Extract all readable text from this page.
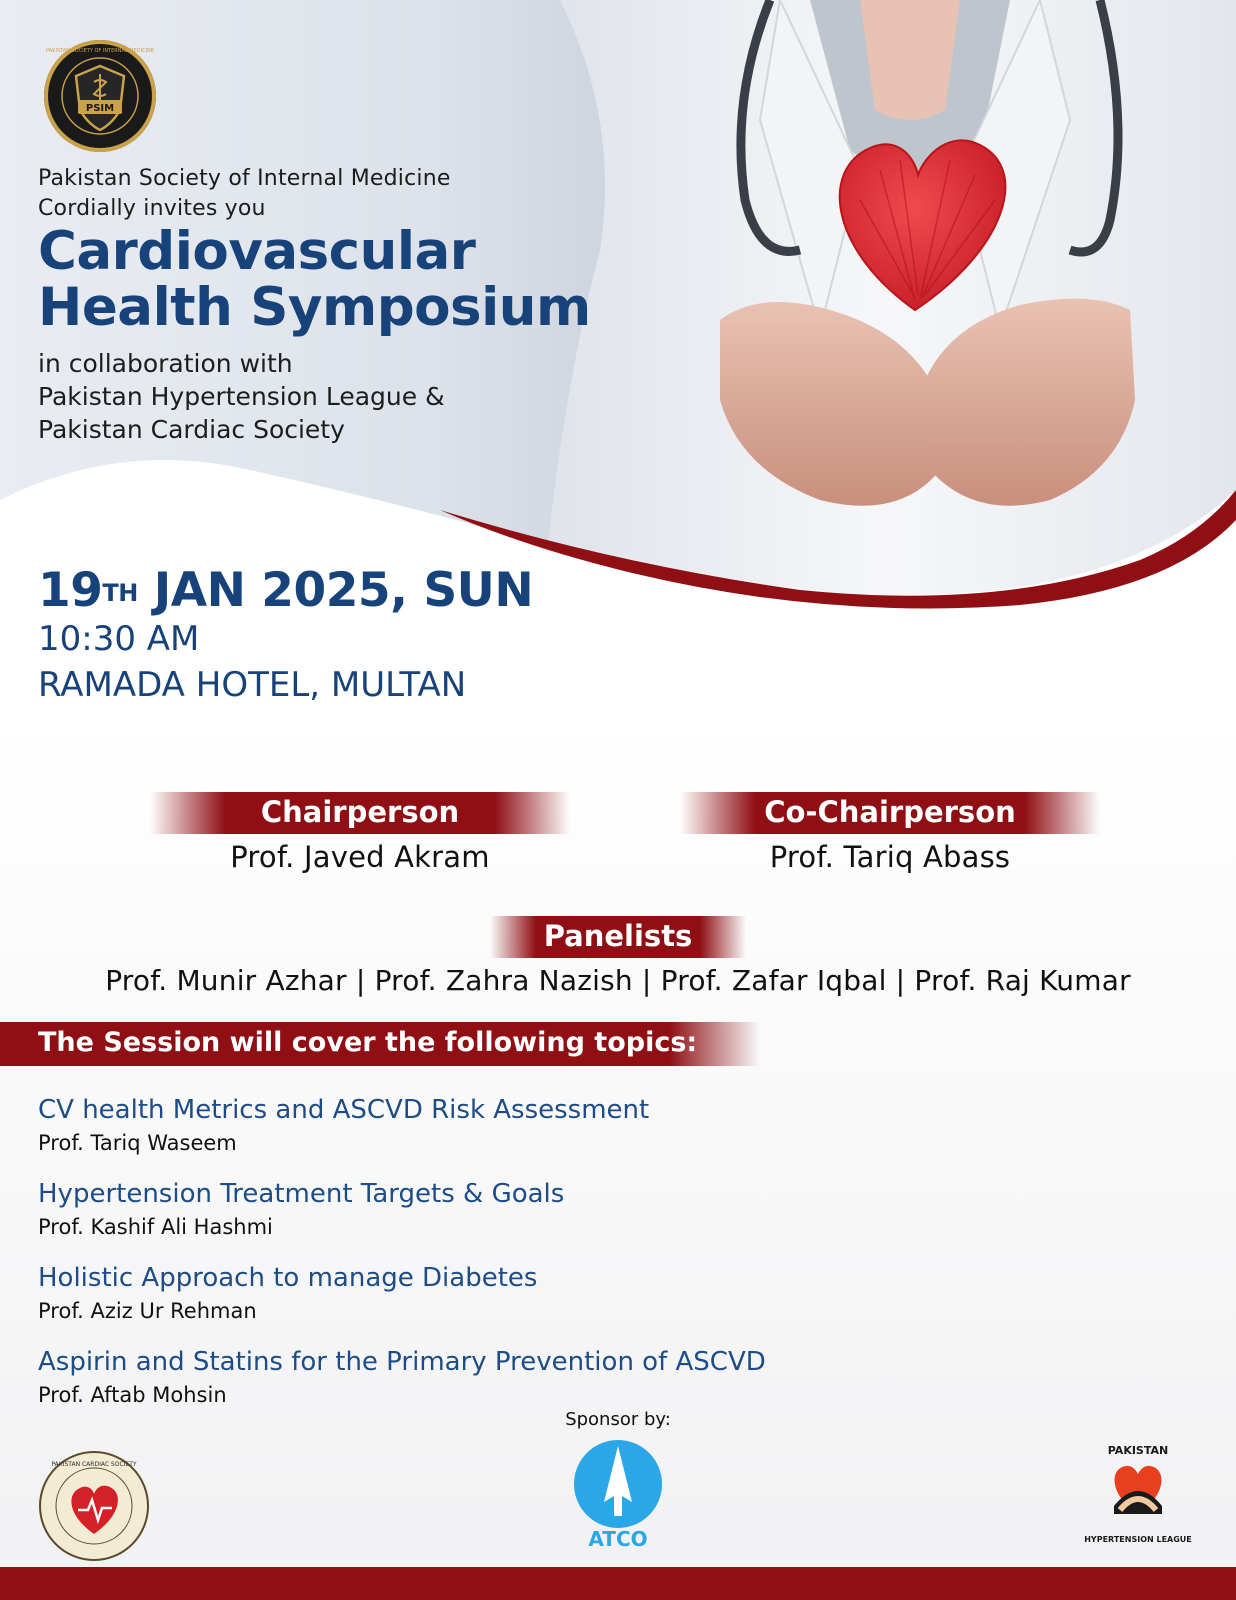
PSIM
PAKISTAN SOCIETY OF INTERNAL MEDICINE
Pakistan Society of Internal Medicine
Cordially invites you
Cardiovascular
Health Symposium
in collaboration with
Pakistan Hypertension League &
Pakistan Cardiac Society
19TH JAN 2025, SUN
10:30 AM
RAMADA HOTEL, MULTAN
Chairperson
Prof. Javed Akram
Co-Chairperson
Prof. Tariq Abass
Panelists
Prof. Munir Azhar | Prof. Zahra Nazish | Prof. Zafar Iqbal | Prof. Raj Kumar
The Session will cover the following topics:
CV health Metrics and ASCVD Risk Assessment
Prof. Tariq Waseem
Hypertension Treatment Targets & Goals
Prof. Kashif Ali Hashmi
Holistic Approach to manage Diabetes
Prof. Aziz Ur Rehman
Aspirin and Statins for the Primary Prevention of ASCVD
Prof. Aftab Mohsin
Sponsor by:
ATCO
PAKISTAN CARDIAC SOCIETY
PAKISTAN
HYPERTENSION LEAGUE
